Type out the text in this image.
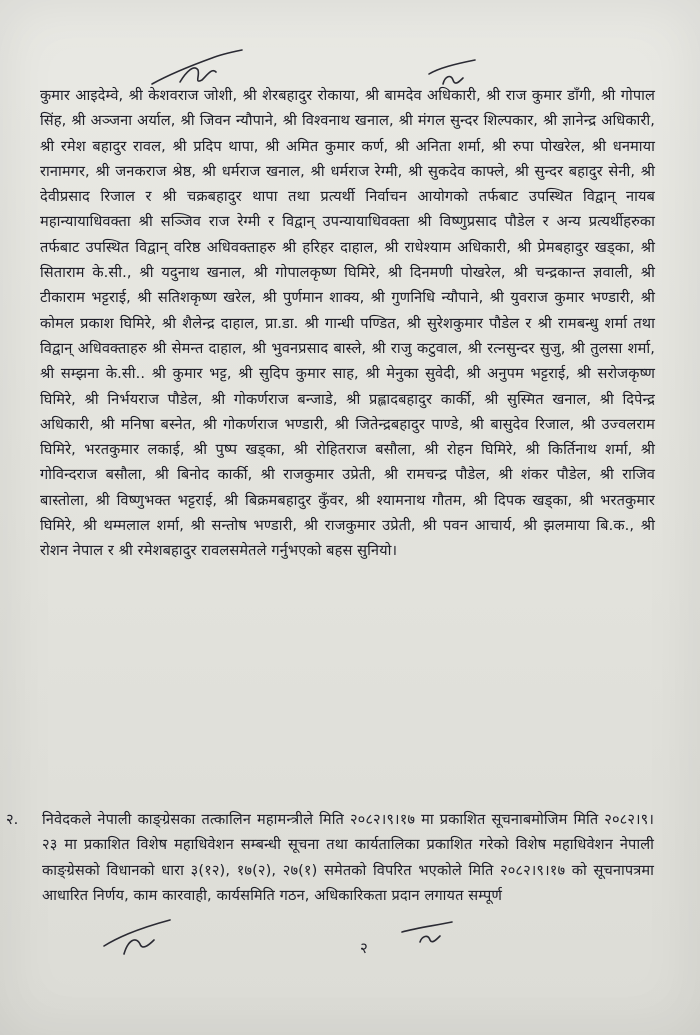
कुमार आइदेम्वे, श्री केशवराज जोशी, श्री शेरबहादुर रोकाया, श्री बामदेव अधिकारी, श्री राज कुमार डाँगी, श्री गोपाल सिंह, श्री अञ्जना अर्याल, श्री जिवन न्यौपाने, श्री विश्वनाथ खनाल, श्री मंगल सुन्दर शिल्पकार, श्री ज्ञानेन्द्र अधिकारी, श्री रमेश बहादुर रावल, श्री प्रदिप थापा, श्री अमित कुमार कर्ण, श्री अनिता शर्मा, श्री रुपा पोखरेल, श्री धनमाया रानामगर, श्री जनकराज श्रेष्ठ, श्री धर्मराज खनाल, श्री धर्मराज रेग्मी, श्री सुकदेव काफ्ले, श्री सुन्दर बहादुर सेनी, श्री देवीप्रसाद रिजाल र श्री चक्रबहादुर थापा तथा प्रत्यर्थी निर्वाचन आयोगको तर्फबाट उपस्थित विद्वान् नायब महान्यायाधिवक्ता श्री सञ्जिव राज रेग्मी र विद्वान् उपन्यायाधिवक्ता श्री विष्णुप्रसाद पौडेल र अन्य प्रत्यर्थीहरुका तर्फबाट उपस्थित विद्वान् वरिष्ठ अधिवक्ताहरु श्री हरिहर दाहाल, श्री राधेश्याम अधिकारी, श्री प्रेमबहादुर खड्का, श्री सिताराम के.सी., श्री यदुनाथ खनाल, श्री गोपालकृष्ण घिमिरे, श्री दिनमणी पोखरेल, श्री चन्द्रकान्त ज्ञवाली, श्री टीकाराम भट्टराई, श्री सतिशकृष्ण खरेल, श्री पुर्णमान शाक्य, श्री गुणनिधि न्यौपाने, श्री युवराज कुमार भण्डारी, श्री कोमल प्रकाश घिमिरे, श्री शैलेन्द्र दाहाल, प्रा.डा. श्री गान्धी पण्डित, श्री सुरेशकुमार पौडेल र श्री रामबन्धु शर्मा तथा विद्वान् अधिवक्ताहरु श्री सेमन्त दाहाल, श्री भुवनप्रसाद बास्ले, श्री राजु कटुवाल, श्री रत्नसुन्दर सुजु, श्री तुलसा शर्मा, श्री सम्झना के.सी.. श्री कुमार भट्ट, श्री सुदिप कुमार साह, श्री मेनुका सुवेदी, श्री अनुपम भट्टराई, श्री सरोजकृष्ण घिमिरे, श्री निर्भयराज पौडेल, श्री गोकर्णराज बन्जाडे, श्री प्रह्लादबहादुर कार्की, श्री सुस्मित खनाल, श्री दिपेन्द्र अधिकारी, श्री मनिषा बस्नेत, श्री गोकर्णराज भण्डारी, श्री जितेन्द्रबहादुर पाण्डे, श्री बासुदेव रिजाल, श्री उज्वलराम घिमिरे, भरतकुमार लकाई, श्री पुष्प खड्का, श्री रोहितराज बसौला, श्री रोहन घिमिरे, श्री किर्तिनाथ शर्मा, श्री गोविन्दराज बसौला, श्री बिनोद कार्की, श्री राजकुमार उप्रेती, श्री रामचन्द्र पौडेल, श्री शंकर पौडेल, श्री राजिव बास्तोला, श्री विष्णुभक्त भट्टराई, श्री बिक्रमबहादुर कुँवर, श्री श्यामनाथ गौतम, श्री दिपक खड्का, श्री भरतकुमार घिमिरे, श्री थम्मलाल शर्मा, श्री सन्तोष भण्डारी, श्री राजकुमार उप्रेती, श्री पवन आचार्य, श्री झलमाया बि.क., श्री रोशन नेपाल र श्री रमेशबहादुर रावलसमेतले गर्नुभएको बहस सुनियो।
२. निवेदकले नेपाली काङ्ग्रेसका तत्कालिन महामन्त्रीले मिति २०८२।९।१७ मा प्रकाशित सूचनाबमोजिम मिति २०८२।९।२३ मा प्रकाशित विशेष महाधिवेशन सम्बन्धी सूचना तथा कार्यतालिका प्रकाशित गरेको विशेष महाधिवेशन नेपाली काङ्ग्रेसको विधानको धारा ३(१२), १७(२), २७(१) समेतको विपरित भएकोले मिति २०८२।९।१७ को सूचनापत्रमा आधारित निर्णय, काम कारवाही, कार्यसमिति गठन, अधिकारिकता प्रदान लगायत सम्पूर्ण
२
